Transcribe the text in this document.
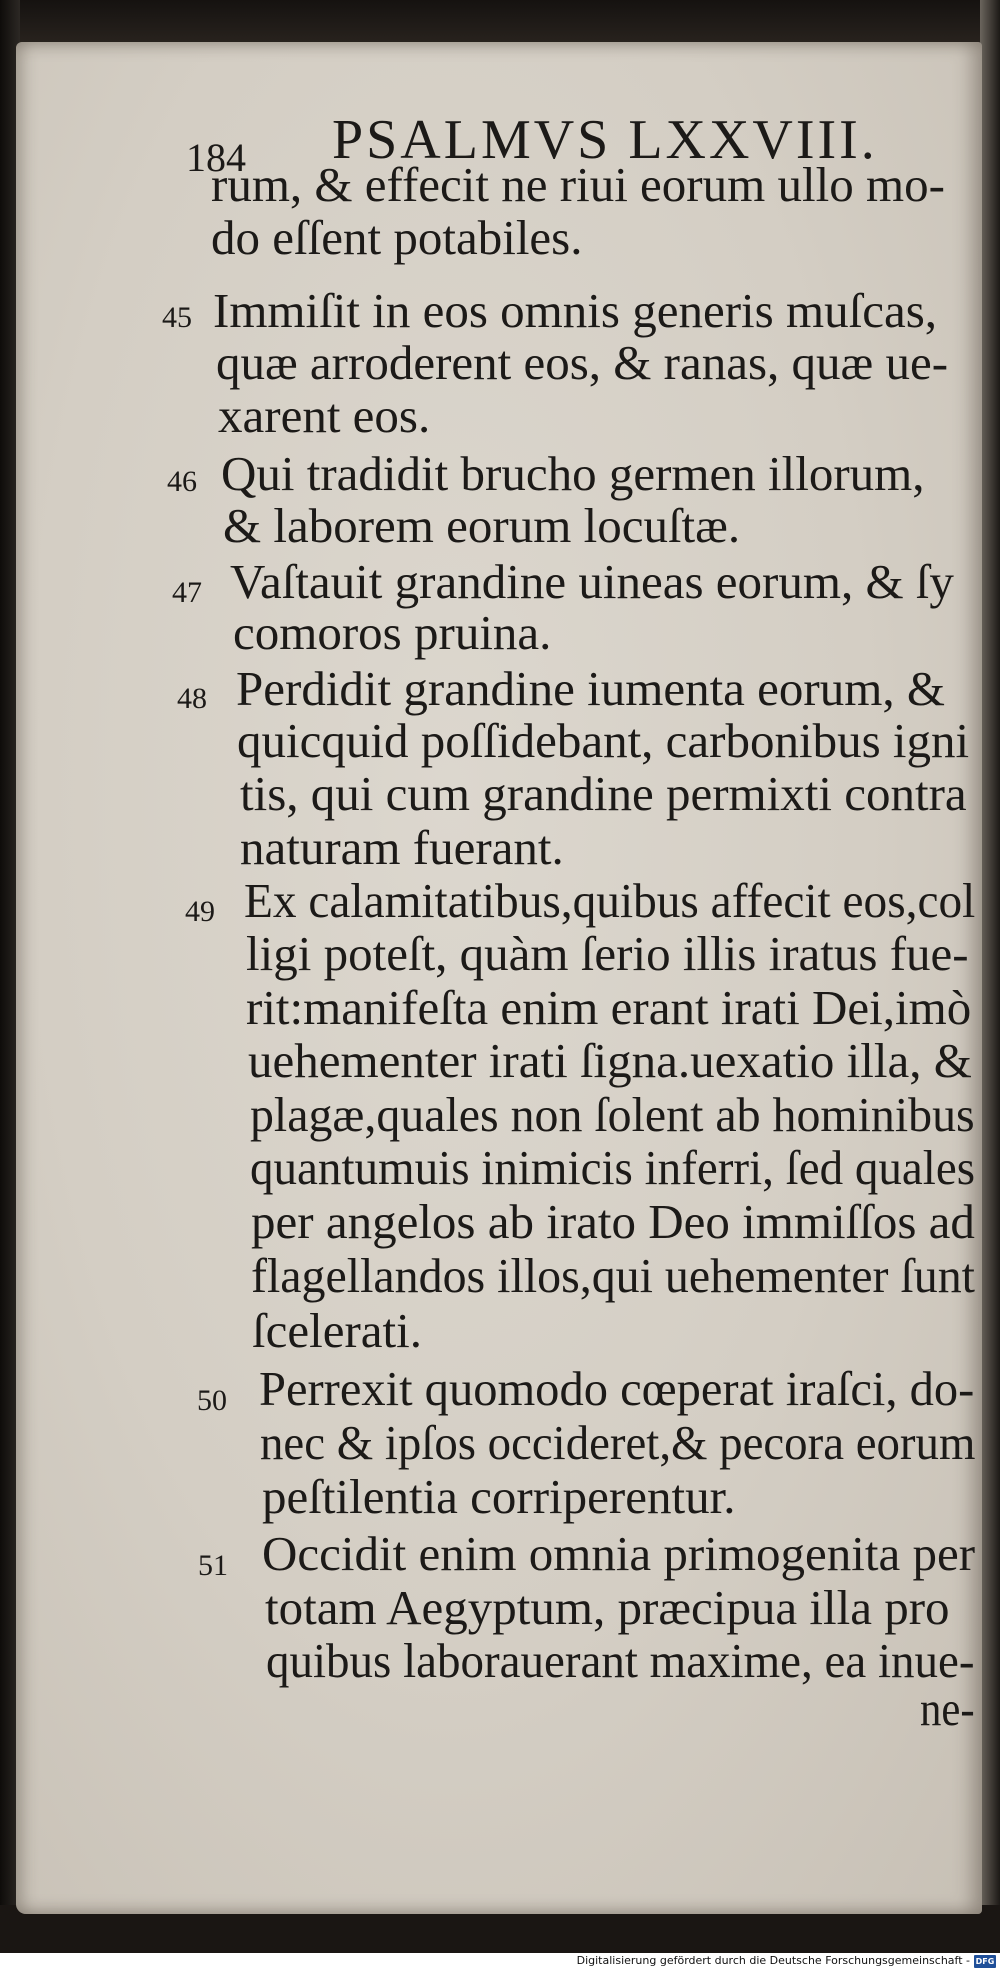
184 PSALMVS LXXVIII.
rum, & effecit ne riui eorum ullo mo-
do eſſent potabiles.
45 Immiſit in eos omnis generis muſcas,
quæ arroderent eos, & ranas, quæ ue-
xarent eos.
46 Qui tradidit brucho germen illorum,
& laborem eorum locuſtæ.
47 Vaſtauit grandine uineas eorum, & ſy
comoros pruina.
48 Perdidit grandine iumenta eorum, &
quicquid poſſidebant, carbonibus igni
tis, qui cum grandine permixti contra
naturam fuerant.
49 Ex calamitatibus,quibus affecit eos,col
ligi poteſt, quàm ſerio illis iratus fue-
rit:manifeſta enim erant irati Dei,imò
uehementer irati ſigna.uexatio illa, &
plagæ,quales non ſolent ab hominibus
quantumuis inimicis inferri, ſed quales
per angelos ab irato Deo immiſſos ad
flagellandos illos,qui uehementer ſunt
ſcelerati.
50 Perrexit quomodo cœperat iraſci, do-
nec & ipſos occideret,& pecora eorum
peſtilentia corriperentur.
51 Occidit enim omnia primogenita per
totam Aegyptum, præcipua illa pro
quibus laborauerant maxime, ea inue-
ne-
Digitalisierung gefördert durch die Deutsche Forschungsgemeinschaft - DFG
